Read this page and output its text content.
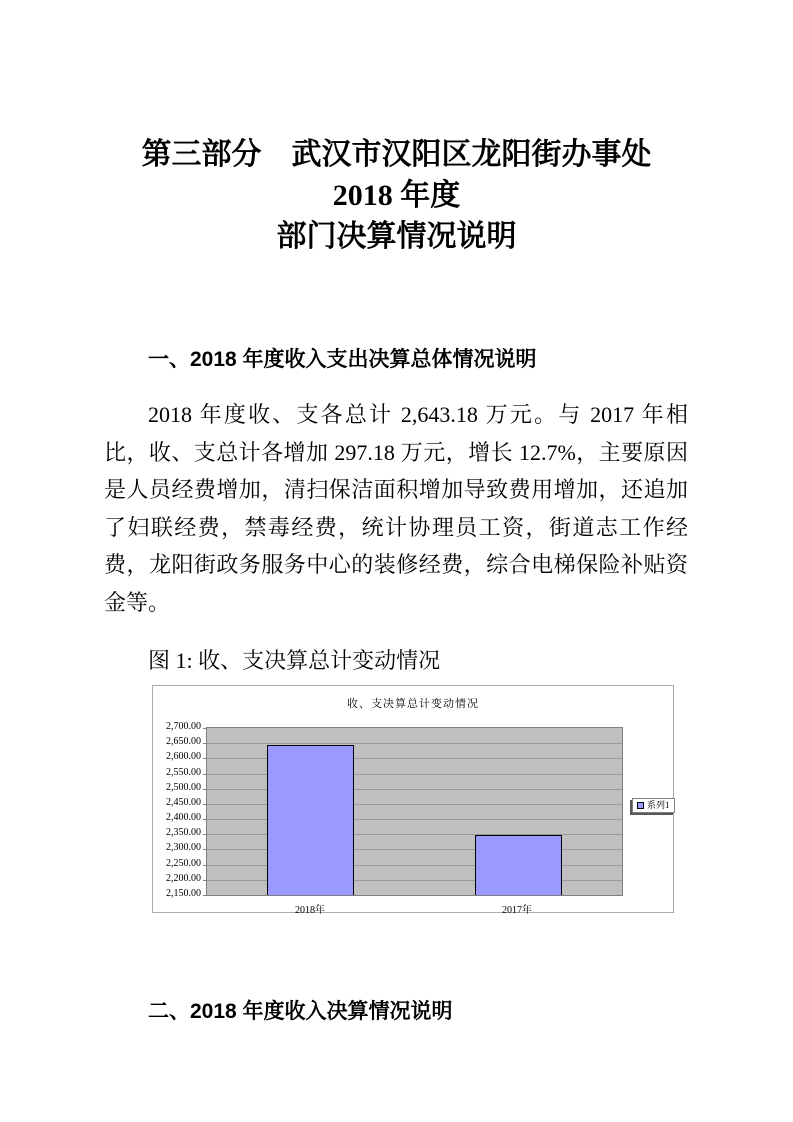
第三部分　武汉市汉阳区龙阳街办事处
2018 年度
部门决算情况说明
一、2018 年度收入支出决算总体情况说明
2018 年度收、支各总计 2,643.18 万元。与 2017 年相比，收、支总计各增加 297.18 万元，增长 12.7%，主要原因是人员经费增加，清扫保洁面积增加导致费用增加，还追加了妇联经费，禁毒经费，统计协理员工资，街道志工作经费，龙阳街政务服务中心的装修经费，综合电梯保险补贴资金等。
图 1: 收、支决算总计变动情况
收、支决算总计变动情况
系列1
2,700.00
2,650.00
2,600.00
2,550.00
2,500.00
2,450.00
2,400.00
2,350.00
2,300.00
2,250.00
2,200.00
2,150.00
2018年	2017年
二、2018 年度收入决算情况说明
